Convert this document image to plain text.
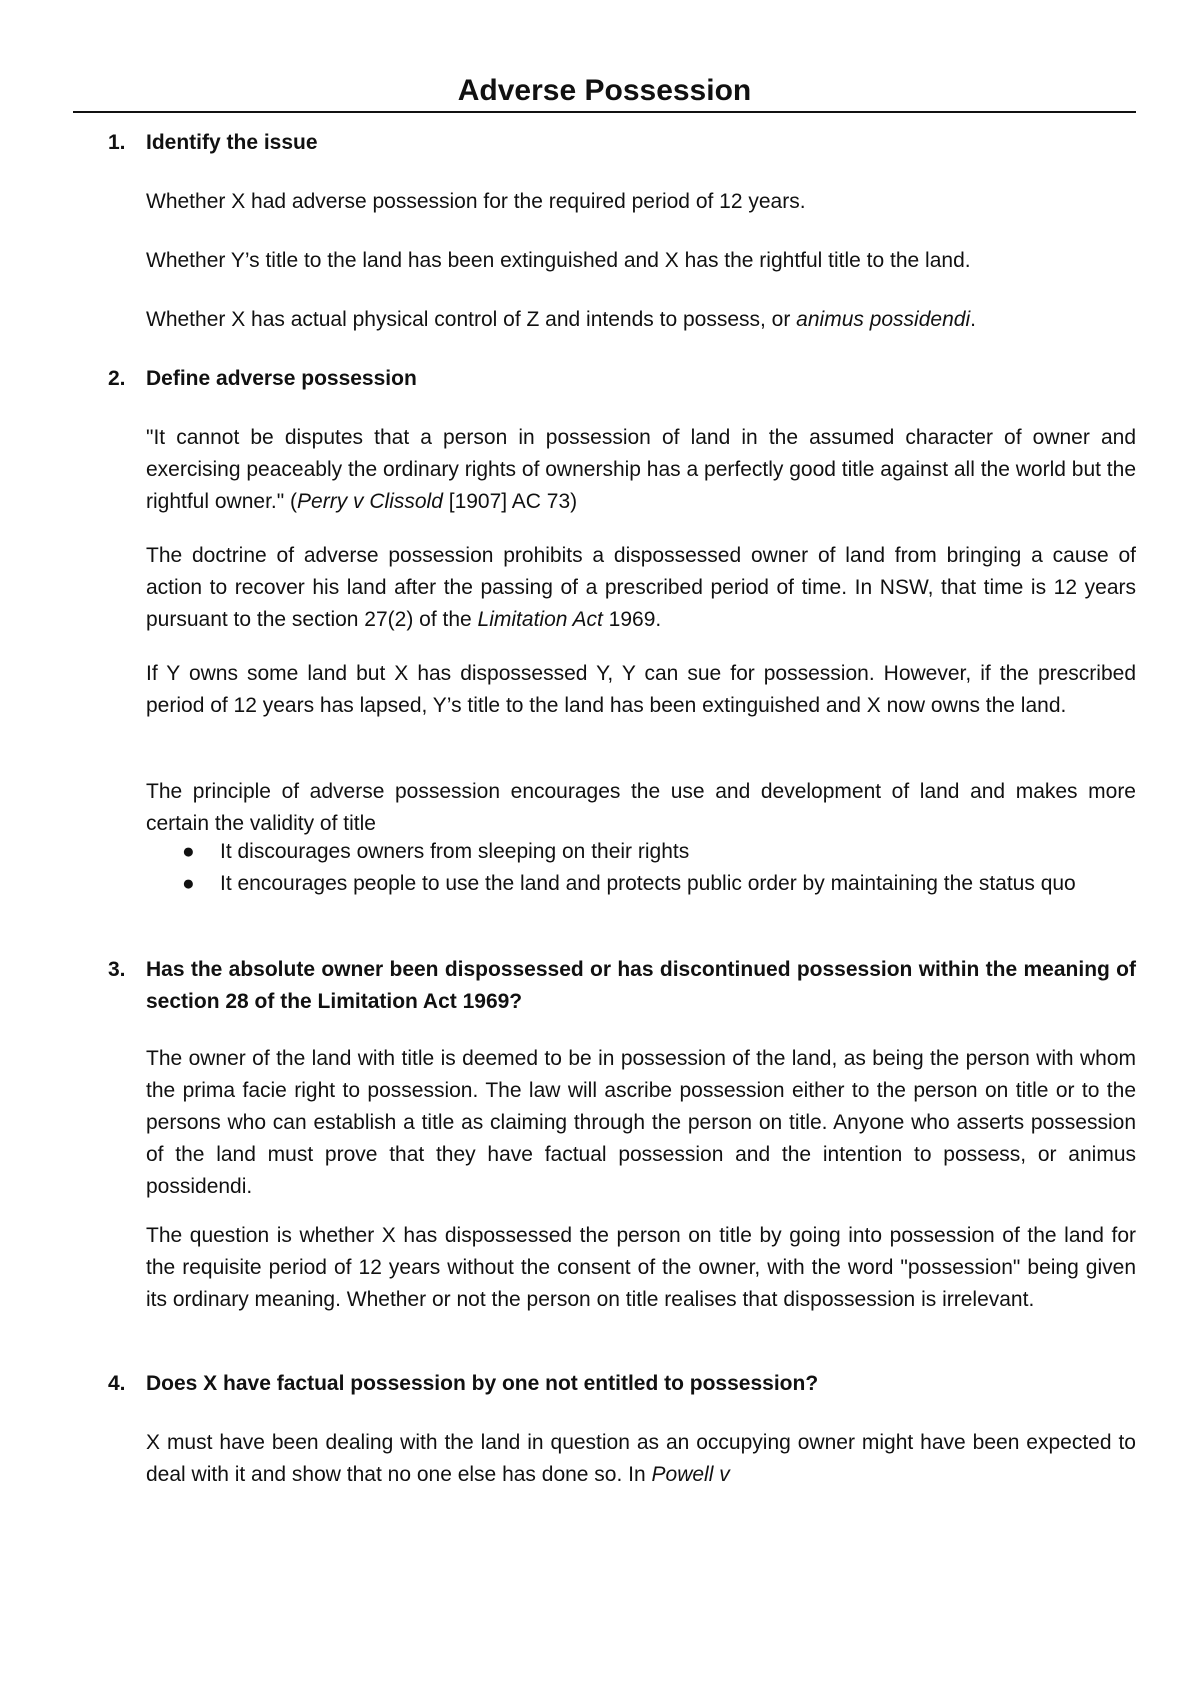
Adverse Possession
1. Identify the issue
Whether X had adverse possession for the required period of 12 years.
Whether Y’s title to the land has been extinguished and X has the rightful title to the land.
Whether X has actual physical control of Z and intends to possess, or animus possidendi.
2. Define adverse possession
"It cannot be disputes that a person in possession of land in the assumed character of owner and exercising peaceably the ordinary rights of ownership has a perfectly good title against all the world but the rightful owner." (Perry v Clissold [1907] AC 73)
The doctrine of adverse possession prohibits a dispossessed owner of land from bringing a cause of action to recover his land after the passing of a prescribed period of time. In NSW, that time is 12 years pursuant to the section 27(2) of the Limitation Act 1969.
If Y owns some land but X has dispossessed Y, Y can sue for possession. However, if the prescribed period of 12 years has lapsed, Y’s title to the land has been extinguished and X now owns the land.
The principle of adverse possession encourages the use and development of land and makes more certain the validity of title
● It discourages owners from sleeping on their rights
● It encourages people to use the land and protects public order by maintaining the status quo
3. Has the absolute owner been dispossessed or has discontinued possession within the meaning of section 28 of the Limitation Act 1969?
The owner of the land with title is deemed to be in possession of the land, as being the person with whom the prima facie right to possession. The law will ascribe possession either to the person on title or to the persons who can establish a title as claiming through the person on title. Anyone who asserts possession of the land must prove that they have factual possession and the intention to possess, or animus possidendi.
The question is whether X has dispossessed the person on title by going into possession of the land for the requisite period of 12 years without the consent of the owner, with the word "possession" being given its ordinary meaning. Whether or not the person on title realises that dispossession is irrelevant.
4. Does X have factual possession by one not entitled to possession?
X must have been dealing with the land in question as an occupying owner might have been expected to deal with it and show that no one else has done so. In Powell v
